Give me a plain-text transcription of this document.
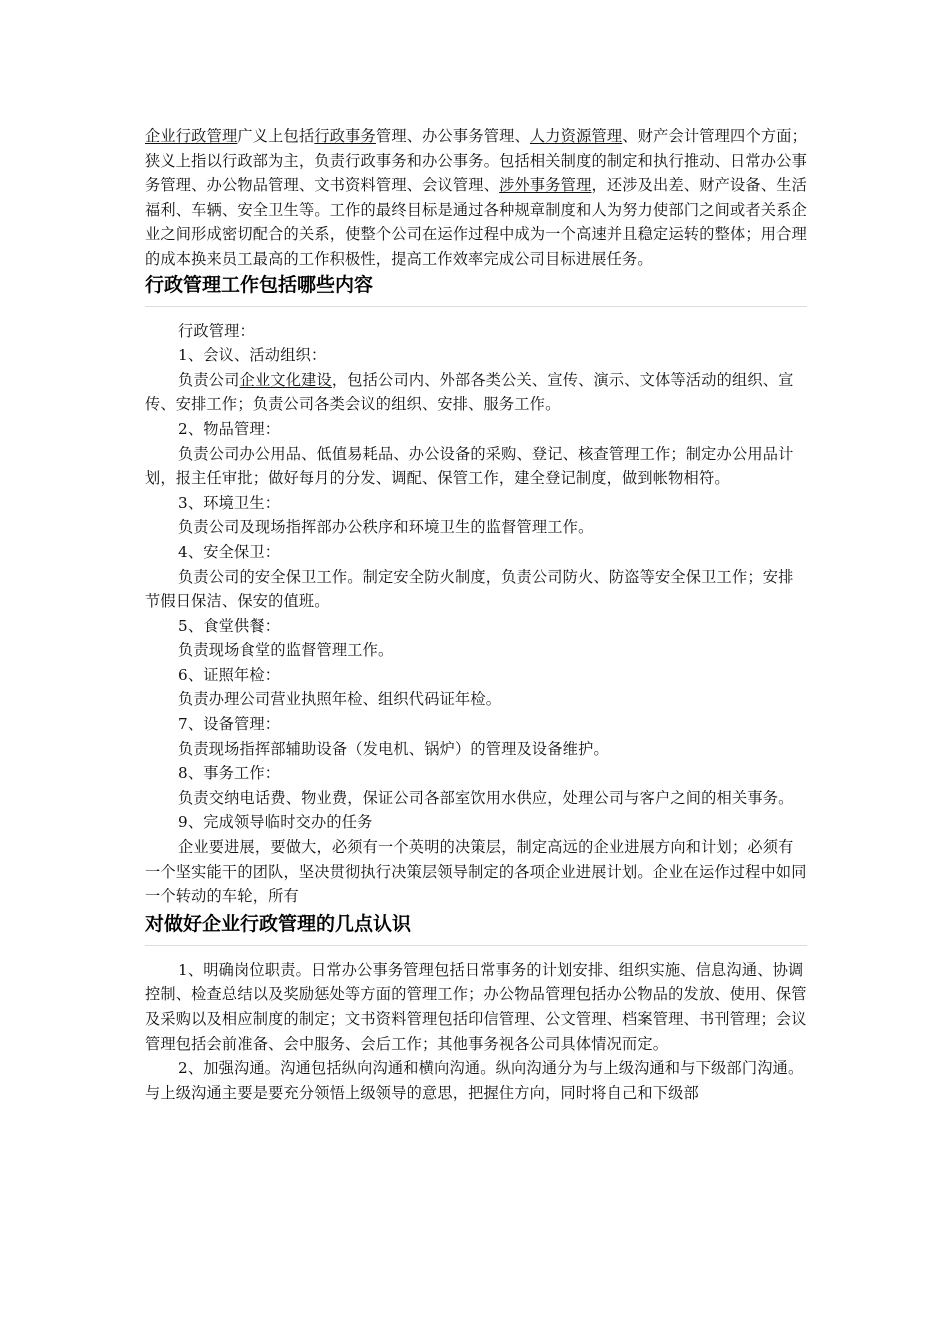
企业行政管理广义上包括行政事务管理、办公事务管理、人力资源管理、财产会计管理四个方面；狭义上指以行政部为主，负责行政事务和办公事务。包括相关制度的制定和执行推动、日常办公事务管理、办公物品管理、文书资料管理、会议管理、涉外事务管理，还涉及出差、财产设备、生活福利、车辆、安全卫生等。工作的最终目标是通过各种规章制度和人为努力使部门之间或者关系企业之间形成密切配合的关系，使整个公司在运作过程中成为一个高速并且稳定运转的整体；用合理的成本换来员工最高的工作积极性，提高工作效率完成公司目标进展任务。

行政管理工作包括哪些内容

行政管理：

1、会议、活动组织：

负责公司企业文化建设，包括公司内、外部各类公关、宣传、演示、文体等活动的组织、宣传、安排工作；负责公司各类会议的组织、安排、服务工作。

2、物品管理：

负责公司办公用品、低值易耗品、办公设备的采购、登记、核查管理工作；制定办公用品计划，报主任审批；做好每月的分发、调配、保管工作，建全登记制度，做到帐物相符。

3、环境卫生：

负责公司及现场指挥部办公秩序和环境卫生的监督管理工作。

4、安全保卫：

负责公司的安全保卫工作。制定安全防火制度，负责公司防火、防盗等安全保卫工作；安排节假日保洁、保安的值班。

5、食堂供餐：

负责现场食堂的监督管理工作。

6、证照年检：

负责办理公司营业执照年检、组织代码证年检。

7、设备管理：

负责现场指挥部辅助设备（发电机、锅炉）的管理及设备维护。

8、事务工作：

负责交纳电话费、物业费，保证公司各部室饮用水供应，处理公司与客户之间的相关事务。

9、完成领导临时交办的任务

企业要进展，要做大，必须有一个英明的决策层，制定高远的企业进展方向和计划；必须有一个坚实能干的团队，坚决贯彻执行决策层领导制定的各项企业进展计划。企业在运作过程中如同一个转动的车轮，所有

对做好企业行政管理的几点认识

1、明确岗位职责。日常办公事务管理包括日常事务的计划安排、组织实施、信息沟通、协调控制、检查总结以及奖励惩处等方面的管理工作；办公物品管理包括办公物品的发放、使用、保管及采购以及相应制度的制定；文书资料管理包括印信管理、公文管理、档案管理、书刊管理；会议管理包括会前准备、会中服务、会后工作；其他事务视各公司具体情况而定。

2、加强沟通。沟通包括纵向沟通和横向沟通。纵向沟通分为与上级沟通和与下级部门沟通。与上级沟通主要是要充分领悟上级领导的意思，把握住方向，同时将自己和下级部
